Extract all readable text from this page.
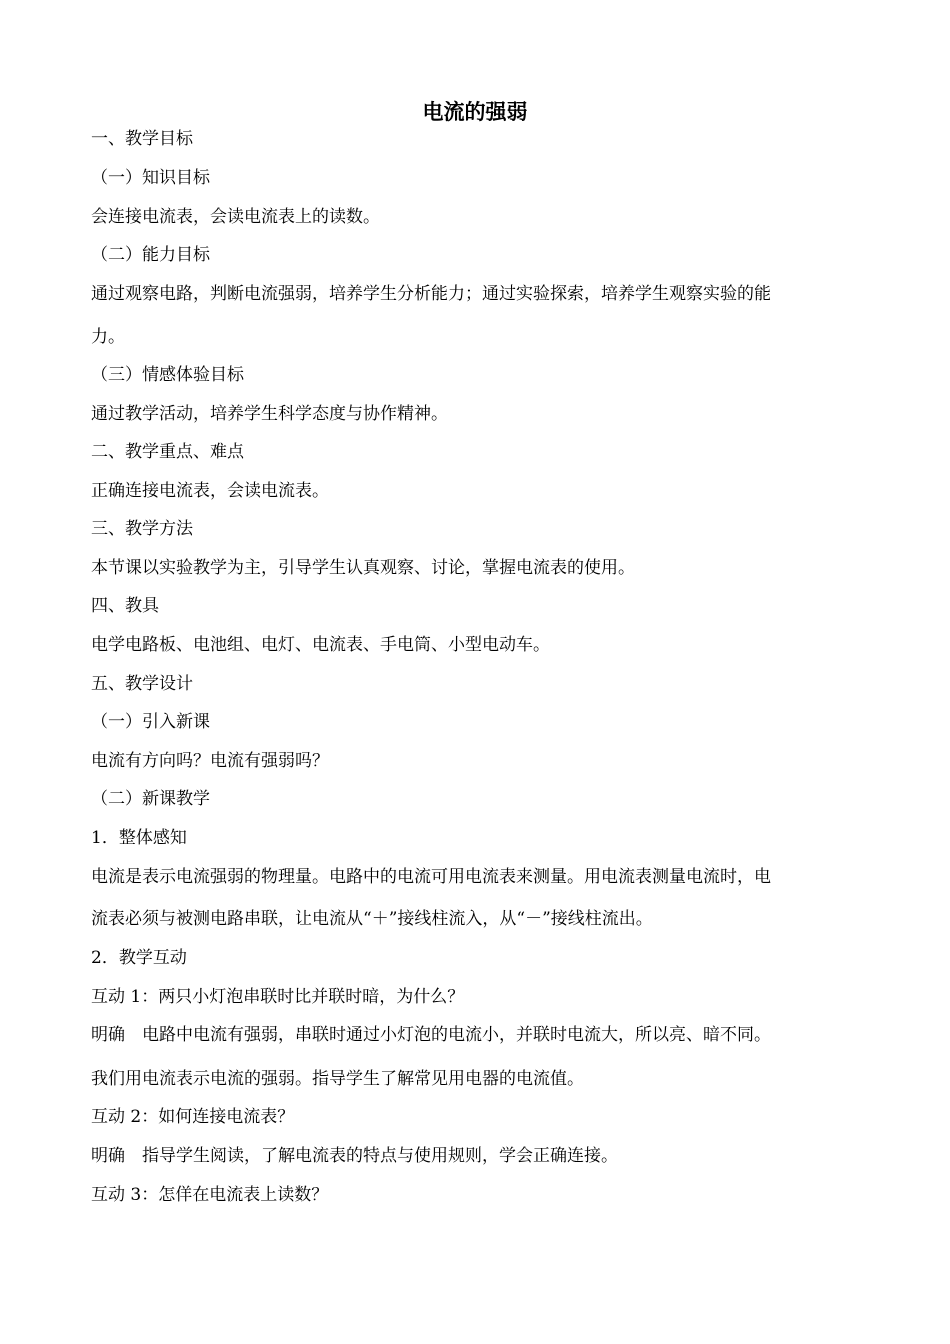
电流的强弱
一、教学目标
（一）知识目标
会连接电流表，会读电流表上的读数。
（二）能力目标
通过观察电路，判断电流强弱，培养学生分析能力；通过实验探索，培养学生观察实验的能
力。
（三）情感体验目标
通过教学活动，培养学生科学态度与协作精神。
二、教学重点、难点
正确连接电流表，会读电流表。
三、教学方法
本节课以实验教学为主，引导学生认真观察、讨论，掌握电流表的使用。
四、教具
电学电路板、电池组、电灯、电流表、手电筒、小型电动车。
五、教学设计
（一）引入新课
电流有方向吗？电流有强弱吗？
（二）新课教学
1．整体感知
电流是表示电流强弱的物理量。电路中的电流可用电流表来测量。用电流表测量电流时，电
流表必须与被测电路串联，让电流从“＋”接线柱流入，从“－”接线柱流出。
2．教学互动
互动 1：两只小灯泡串联时比并联时暗，为什么？
明确　电路中电流有强弱，串联时通过小灯泡的电流小，并联时电流大，所以亮、暗不同。
我们用电流表示电流的强弱。指导学生了解常见用电器的电流值。
互动 2：如何连接电流表？
明确　指导学生阅读，了解电流表的特点与使用规则，学会正确连接。
互动 3：怎佯在电流表上读数？
